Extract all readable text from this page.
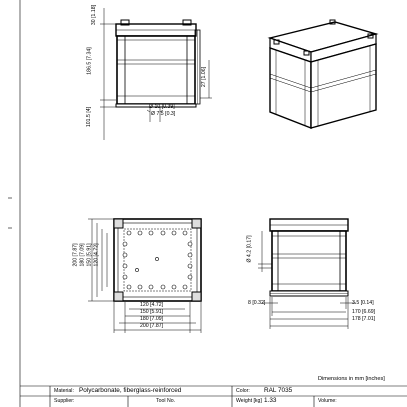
30 [1.18]
186.5 [7.34]
101.5 [4]
27 [1.06]
Ø 10 [0.39]
Ø 7.5 [0.3]
200 [7.87] 180 [7.09] 150 [5.91] 120 [4.72]
120 [4.72]
150 [5.91]
180 [7.09]
200 [7.87]
Ø 4.2 [0.17]
8 [0.32]	3.5 [0.14]
170 [6.69]
178 [7.01]
Dimensions in mm [inches]
Material: Polycarbonate, fiberglass-reinforced	Color: RAL 7035
Supplier:	Tool No.	Weight [kg] 1.33	Volume:
